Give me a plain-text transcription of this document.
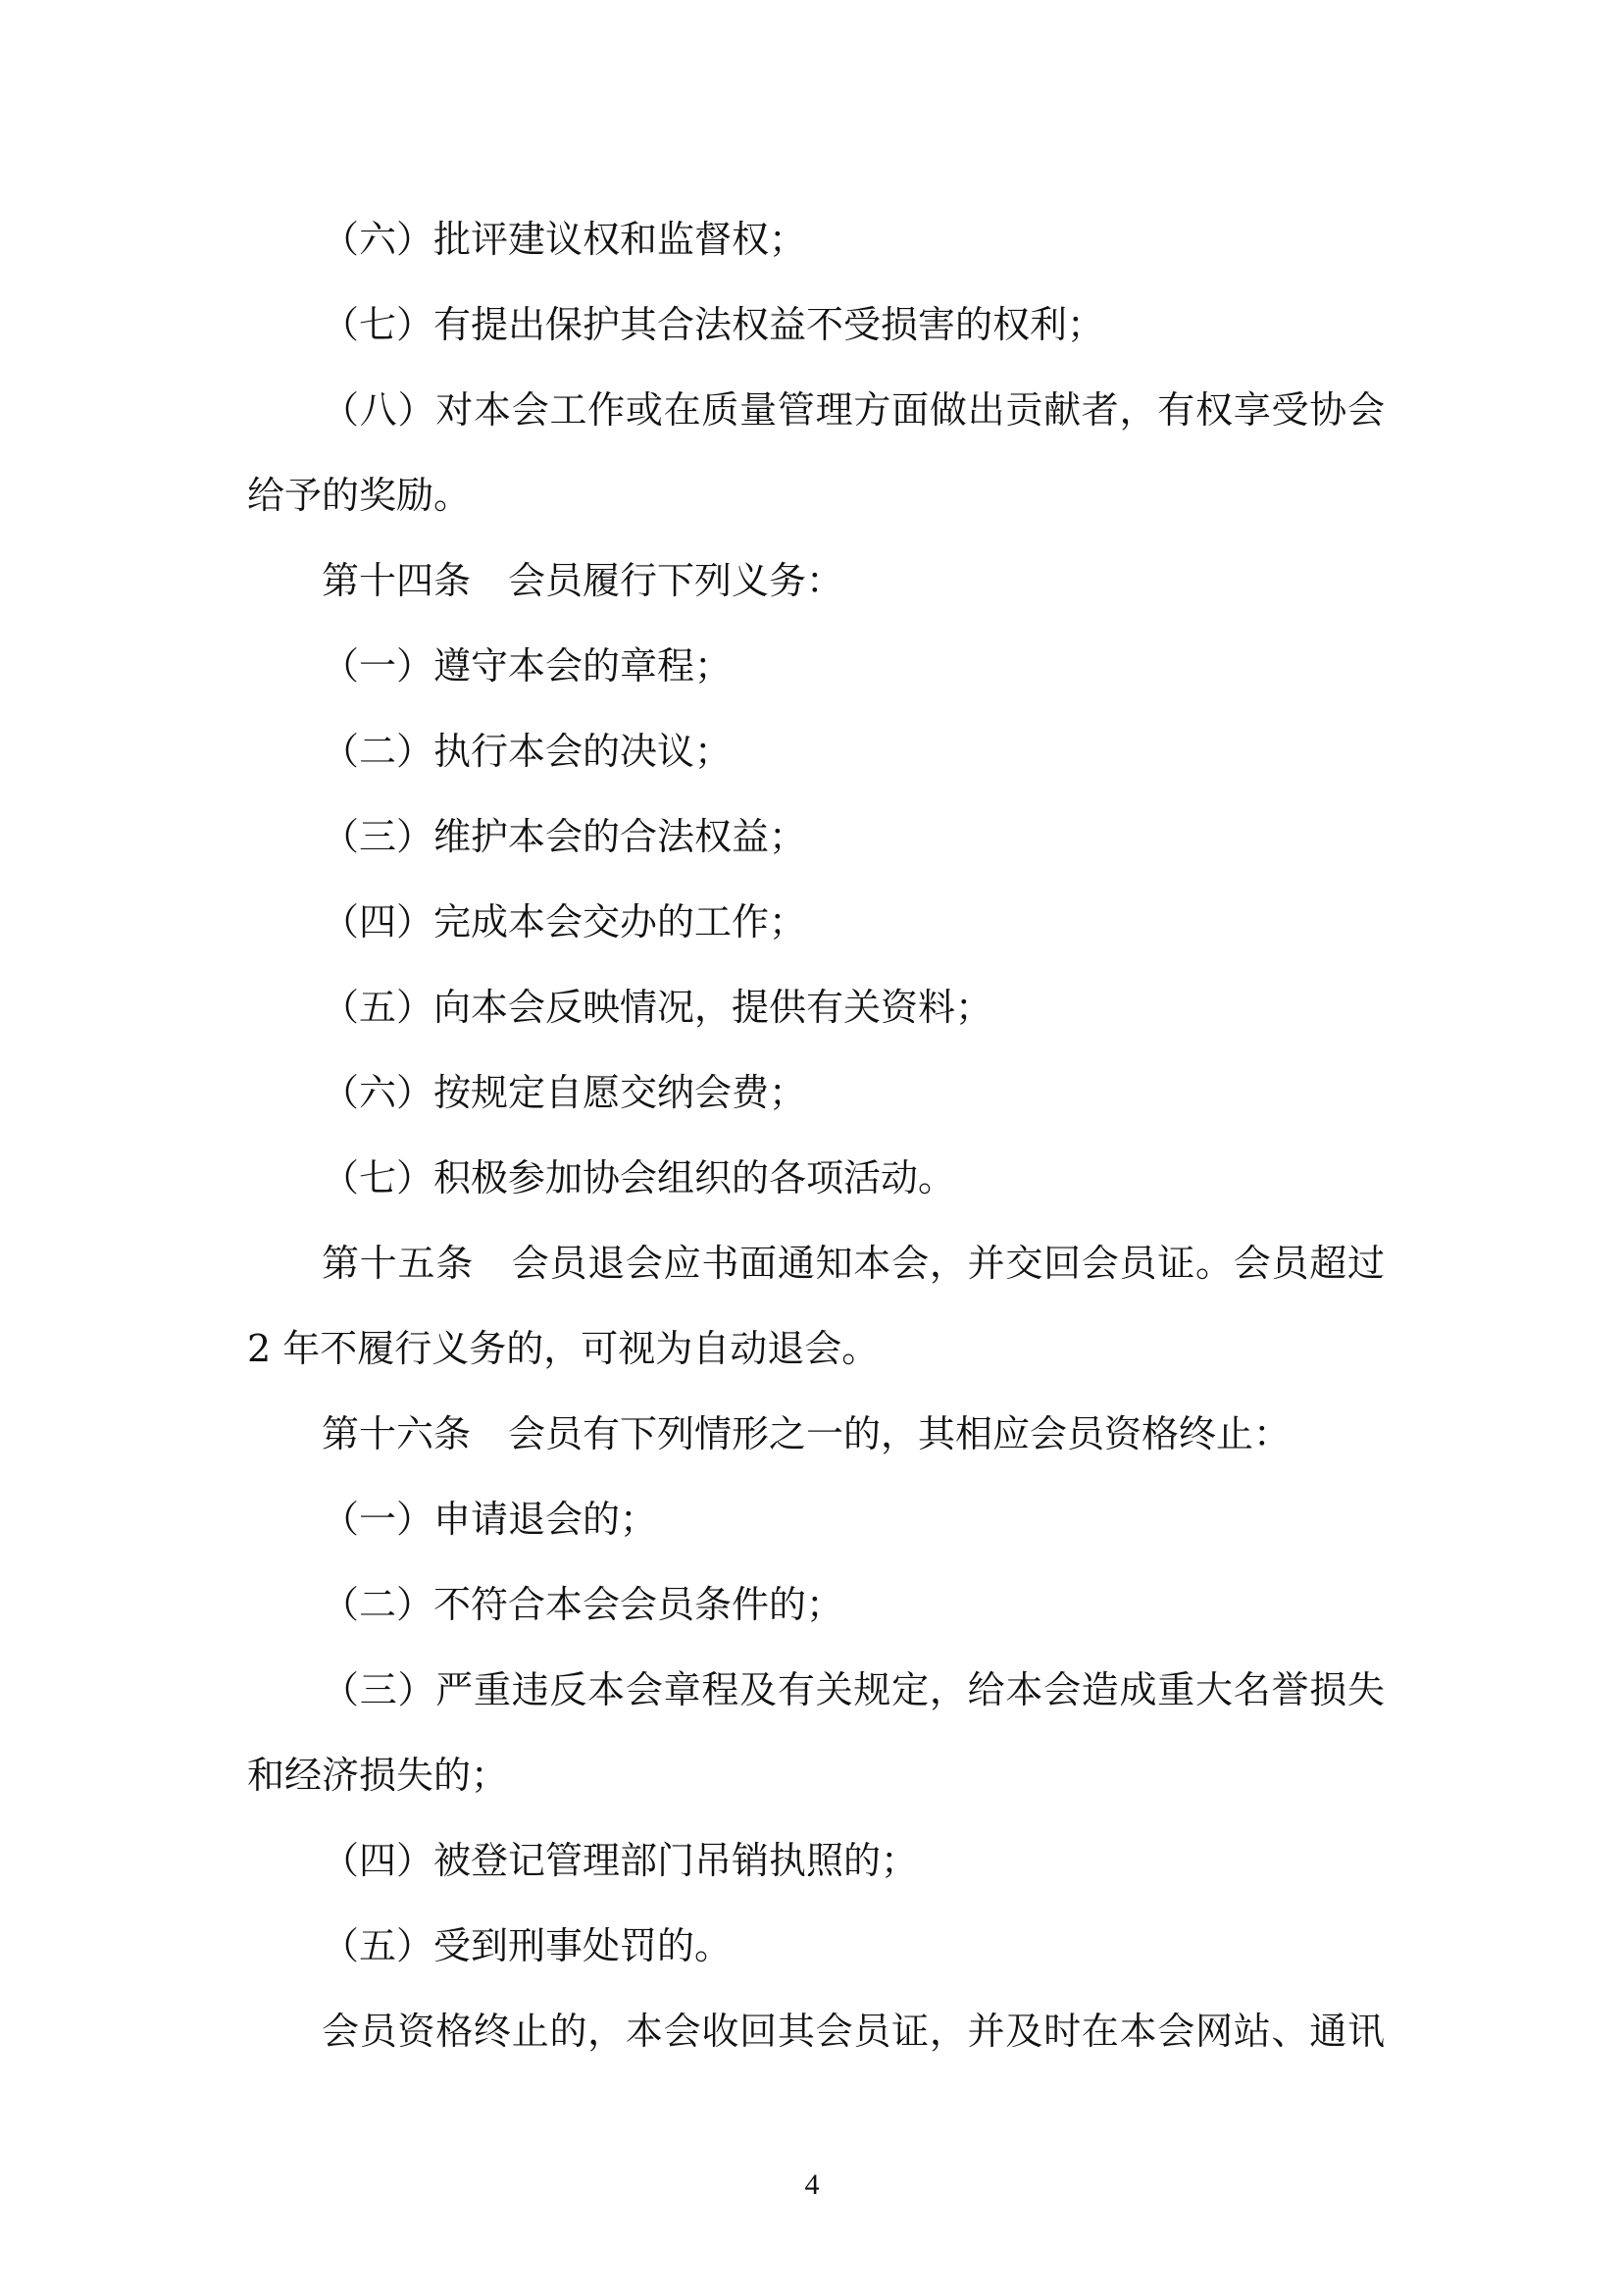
（六）批评建议权和监督权；
（七）有提出保护其合法权益不受损害的权利；
（八）对本会工作或在质量管理方面做出贡献者，有权享受协会
给予的奖励。
第十四条　会员履行下列义务：
（一）遵守本会的章程；
（二）执行本会的决议；
（三）维护本会的合法权益；
（四）完成本会交办的工作；
（五）向本会反映情况，提供有关资料；
（六）按规定自愿交纳会费；
（七）积极参加协会组织的各项活动。
第十五条　会员退会应书面通知本会，并交回会员证。会员超过
2 年不履行义务的，可视为自动退会。
第十六条　会员有下列情形之一的，其相应会员资格终止：
（一）申请退会的；
（二）不符合本会会员条件的；
（三）严重违反本会章程及有关规定，给本会造成重大名誉损失
和经济损失的；
（四）被登记管理部门吊销执照的；
（五）受到刑事处罚的。
会员资格终止的，本会收回其会员证，并及时在本会网站、通讯
4
